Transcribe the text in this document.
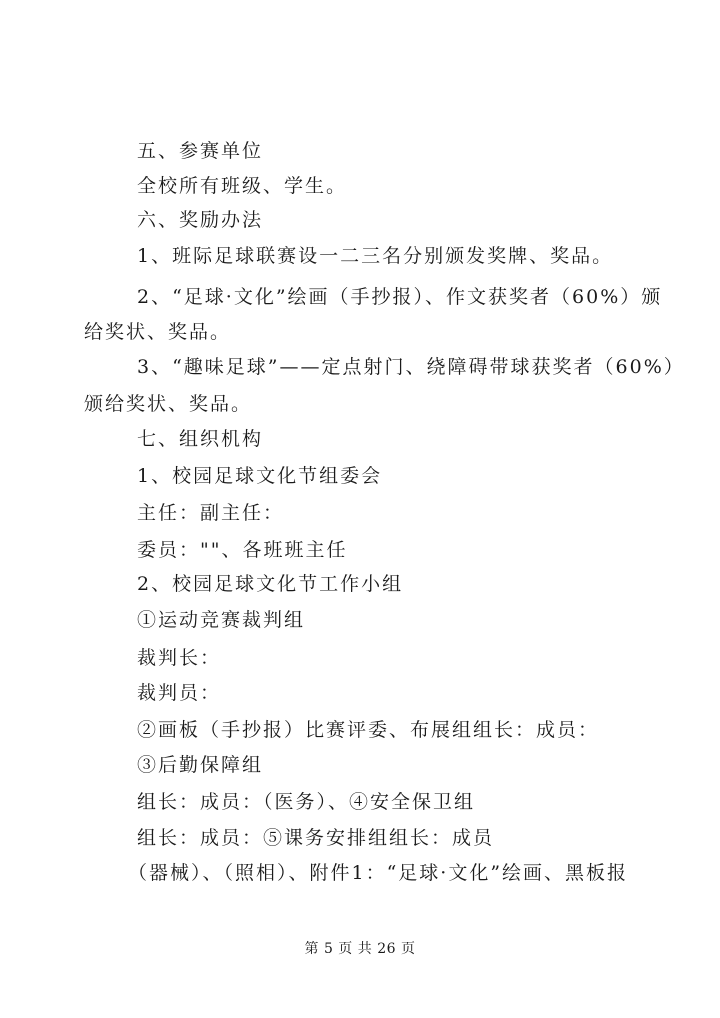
五、参赛单位
全校所有班级、学生。
六、奖励办法
1、班际足球联赛设一二三名分别颁发奖牌、奖品。
2、“足球·文化”绘画（手抄报）、作文获奖者（60%）颁
给奖状、奖品。
3、“趣味足球”——定点射门、绕障碍带球获奖者（60%）
颁给奖状、奖品。
七、组织机构
1、校园足球文化节组委会
主任：副主任：
委员：""、各班班主任
2、校园足球文化节工作小组
①运动竞赛裁判组
裁判长：
裁判员：
②画板（手抄报）比赛评委、布展组组长：成员：
③后勤保障组
组长：成员：（医务）、④安全保卫组
组长：成员：⑤课务安排组组长：成员
（器械）、（照相）、附件1：“足球·文化”绘画、黑板报
第 5 页 共 26 页
